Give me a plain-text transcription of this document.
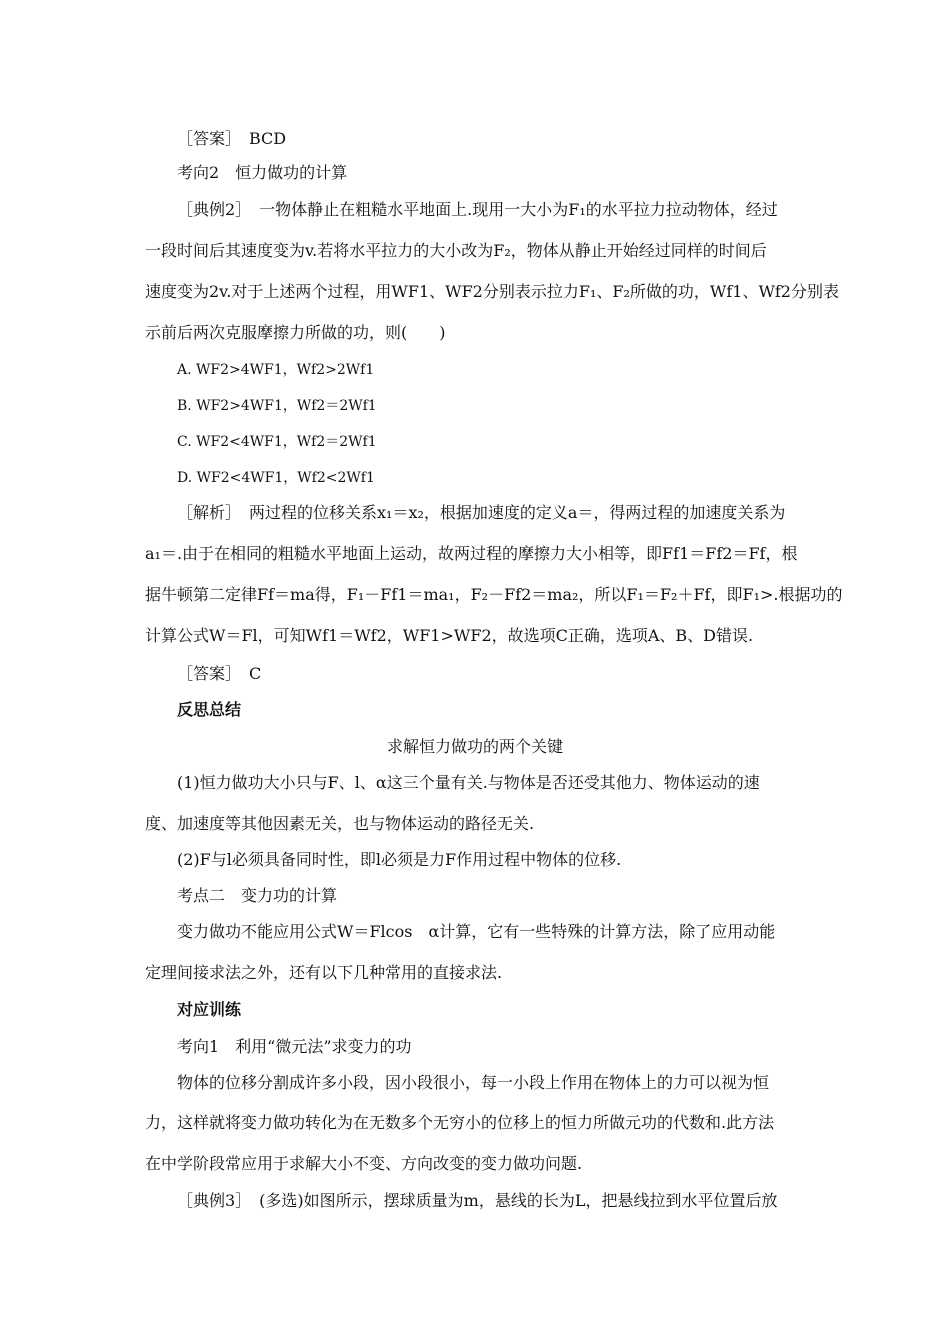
［答案］　BCD
考向2　恒力做功的计算
［典例2］　一物体静止在粗糙水平地面上.现用一大小为F₁的水平拉力拉动物体，经过
一段时间后其速度变为v.若将水平拉力的大小改为F₂，物体从静止开始经过同样的时间后
速度变为2v.对于上述两个过程，用WF1、WF2分别表示拉力F₁、F₂所做的功，Wf1、Wf2分别表
示前后两次克服摩擦力所做的功，则(　　)
A. WF2>4WF1，Wf2>2Wf1
B. WF2>4WF1，Wf2＝2Wf1
C. WF2<4WF1，Wf2＝2Wf1
D. WF2<4WF1，Wf2<2Wf1
［解析］　两过程的位移关系x₁＝x₂，根据加速度的定义a＝，得两过程的加速度关系为
a₁＝.由于在相同的粗糙水平地面上运动，故两过程的摩擦力大小相等，即Ff1＝Ff2＝Ff，根
据牛顿第二定律Ff＝ma得，F₁－Ff1＝ma₁，F₂－Ff2＝ma₂，所以F₁＝F₂＋Ff，即F₁>.根据功的
计算公式W＝Fl，可知Wf1＝Wf2，WF1>WF2，故选项C正确，选项A、B、D错误.
［答案］　C
反思总结
求解恒力做功的两个关键
(1)恒力做功大小只与F、l、α这三个量有关.与物体是否还受其他力、物体运动的速
度、加速度等其他因素无关，也与物体运动的路径无关.
(2)F与l必须具备同时性，即l必须是力F作用过程中物体的位移.
考点二　变力功的计算
变力做功不能应用公式W＝Flcos　α计算，它有一些特殊的计算方法，除了应用动能
定理间接求法之外，还有以下几种常用的直接求法.
对应训练
考向1　利用“微元法”求变力的功
物体的位移分割成许多小段，因小段很小，每一小段上作用在物体上的力可以视为恒
力，这样就将变力做功转化为在无数多个无穷小的位移上的恒力所做元功的代数和.此方法
在中学阶段常应用于求解大小不变、方向改变的变力做功问题.
［典例3］　(多选)如图所示，摆球质量为m，悬线的长为L，把悬线拉到水平位置后放
